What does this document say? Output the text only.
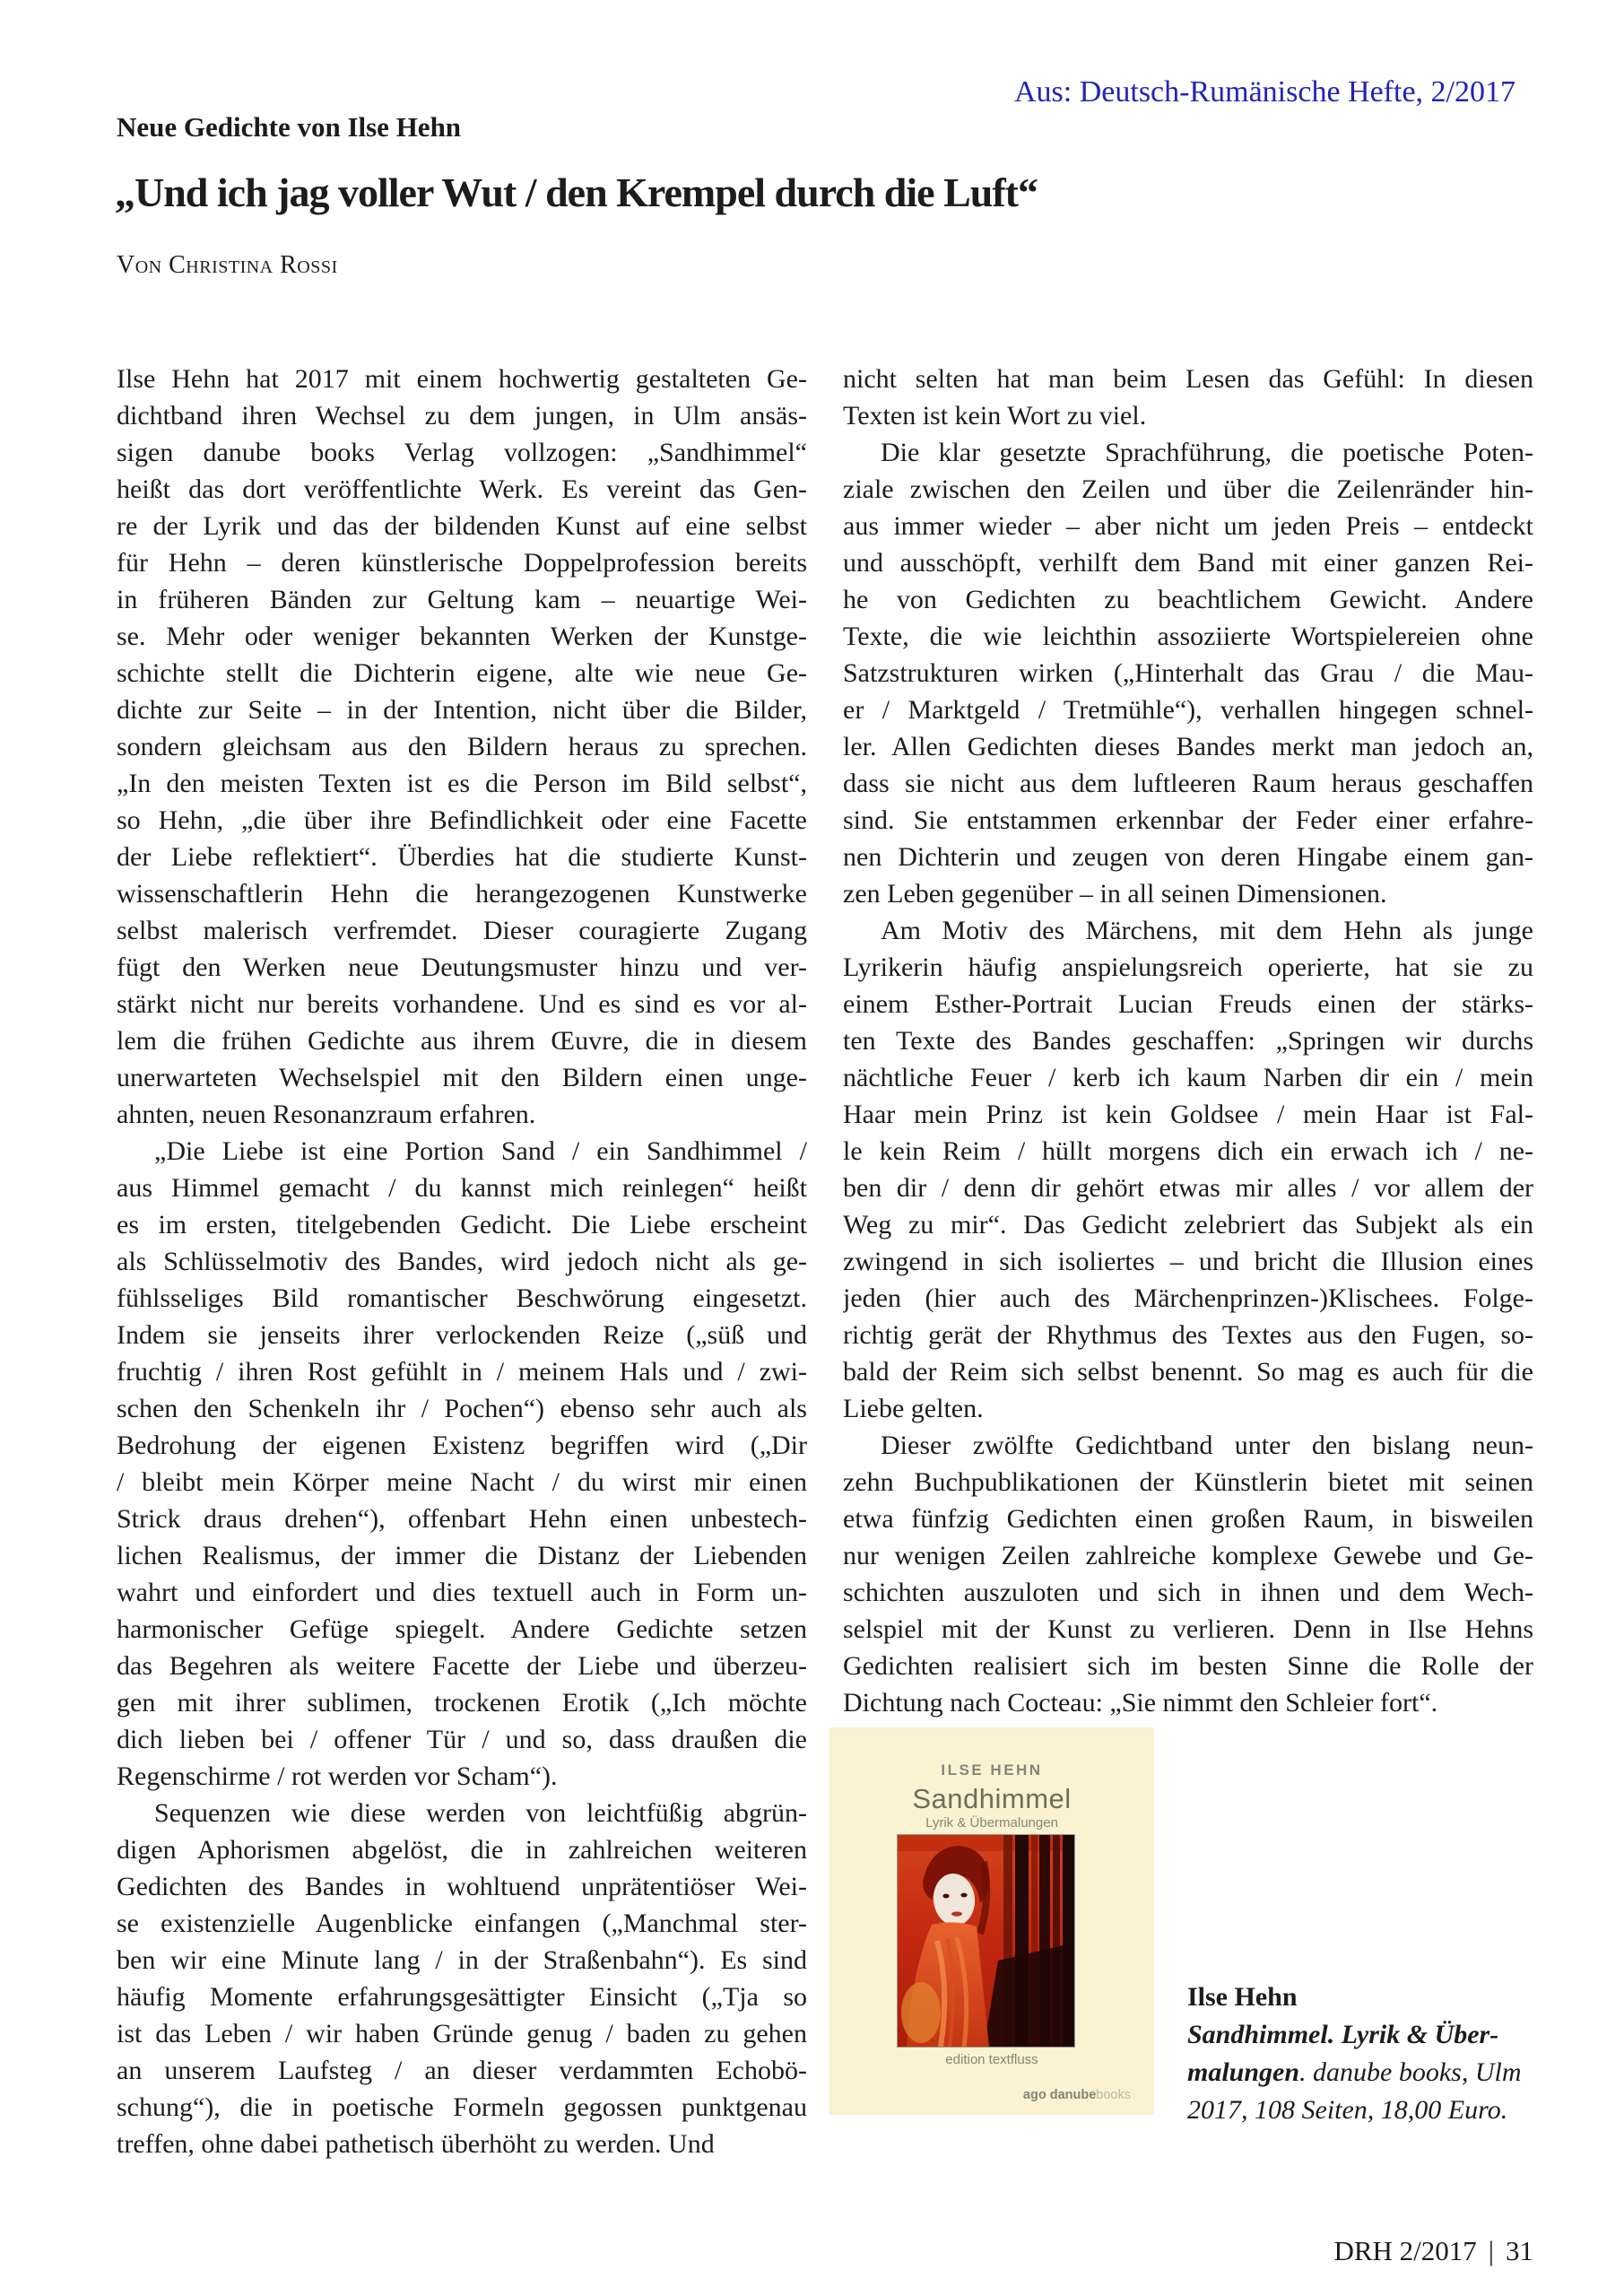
Aus: Deutsch-Rumänische Hefte, 2/2017
Neue Gedichte von Ilse Hehn
„Und ich jag voller Wut / den Krempel durch die Luft“
Von Christina Rossi
Ilse Hehn hat 2017 mit einem hochwertig gestalteten Ge-
dichtband ihren Wechsel zu dem jungen, in Ulm ansäs-
sigen danube books Verlag vollzogen: „Sandhimmel“
heißt das dort veröffentlichte Werk. Es vereint das Gen-
re der Lyrik und das der bildenden Kunst auf eine selbst
für Hehn – deren künstlerische Doppelprofession bereits
in früheren Bänden zur Geltung kam – neuartige Wei-
se. Mehr oder weniger bekannten Werken der Kunstge-
schichte stellt die Dichterin eigene, alte wie neue Ge-
dichte zur Seite – in der Intention, nicht über die Bilder,
sondern gleichsam aus den Bildern heraus zu sprechen.
„In den meisten Texten ist es die Person im Bild selbst“,
so Hehn, „die über ihre Befindlichkeit oder eine Facette
der Liebe reflektiert“. Überdies hat die studierte Kunst-
wissenschaftlerin Hehn die herangezogenen Kunstwerke
selbst malerisch verfremdet. Dieser couragierte Zugang
fügt den Werken neue Deutungsmuster hinzu und ver-
stärkt nicht nur bereits vorhandene. Und es sind es vor al-
lem die frühen Gedichte aus ihrem Œuvre, die in diesem
unerwarteten Wechselspiel mit den Bildern einen unge-
ahnten, neuen Resonanzraum erfahren.
„Die Liebe ist eine Portion Sand / ein Sandhimmel /
aus Himmel gemacht / du kannst mich reinlegen“ heißt
es im ersten, titelgebenden Gedicht. Die Liebe erscheint
als Schlüsselmotiv des Bandes, wird jedoch nicht als ge-
fühlsseliges Bild romantischer Beschwörung eingesetzt.
Indem sie jenseits ihrer verlockenden Reize („süß und
fruchtig / ihren Rost gefühlt in / meinem Hals und / zwi-
schen den Schenkeln ihr / Pochen“) ebenso sehr auch als
Bedrohung der eigenen Existenz begriffen wird („Dir
/ bleibt mein Körper meine Nacht / du wirst mir einen
Strick draus drehen“), offenbart Hehn einen unbestech-
lichen Realismus, der immer die Distanz der Liebenden
wahrt und einfordert und dies textuell auch in Form un-
harmonischer Gefüge spiegelt. Andere Gedichte setzen
das Begehren als weitere Facette der Liebe und überzeu-
gen mit ihrer sublimen, trockenen Erotik („Ich möchte
dich lieben bei / offener Tür / und so, dass draußen die
Regenschirme / rot werden vor Scham“).
Sequenzen wie diese werden von leichtfüßig abgrün-
digen Aphorismen abgelöst, die in zahlreichen weiteren
Gedichten des Bandes in wohltuend unprätentiöser Wei-
se existenzielle Augenblicke einfangen („Manchmal ster-
ben wir eine Minute lang / in der Straßenbahn“). Es sind
häufig Momente erfahrungsgesättigter Einsicht („Tja so
ist das Leben / wir haben Gründe genug / baden zu gehen
an unserem Laufsteg / an dieser verdammten Echobö-
schung“), die in poetische Formeln gegossen punktgenau
treffen, ohne dabei pathetisch überhöht zu werden. Und
nicht selten hat man beim Lesen das Gefühl: In diesen
Texten ist kein Wort zu viel.
Die klar gesetzte Sprachführung, die poetische Poten-
ziale zwischen den Zeilen und über die Zeilenränder hin-
aus immer wieder – aber nicht um jeden Preis – entdeckt
und ausschöpft, verhilft dem Band mit einer ganzen Rei-
he von Gedichten zu beachtlichem Gewicht. Andere
Texte, die wie leichthin assoziierte Wortspielereien ohne
Satzstrukturen wirken („Hinterhalt das Grau / die Mau-
er / Marktgeld / Tretmühle“), verhallen hingegen schnel-
ler. Allen Gedichten dieses Bandes merkt man jedoch an,
dass sie nicht aus dem luftleeren Raum heraus geschaffen
sind. Sie entstammen erkennbar der Feder einer erfahre-
nen Dichterin und zeugen von deren Hingabe einem gan-
zen Leben gegenüber – in all seinen Dimensionen.
Am Motiv des Märchens, mit dem Hehn als junge
Lyrikerin häufig anspielungsreich operierte, hat sie zu
einem Esther-Portrait Lucian Freuds einen der stärks-
ten Texte des Bandes geschaffen: „Springen wir durchs
nächtliche Feuer / kerb ich kaum Narben dir ein / mein
Haar mein Prinz ist kein Goldsee / mein Haar ist Fal-
le kein Reim / hüllt morgens dich ein erwach ich / ne-
ben dir / denn dir gehört etwas mir alles / vor allem der
Weg zu mir“. Das Gedicht zelebriert das Subjekt als ein
zwingend in sich isoliertes – und bricht die Illusion eines
jeden (hier auch des Märchenprinzen-)Klischees. Folge-
richtig gerät der Rhythmus des Textes aus den Fugen, so-
bald der Reim sich selbst benennt. So mag es auch für die
Liebe gelten.
Dieser zwölfte Gedichtband unter den bislang neun-
zehn Buchpublikationen der Künstlerin bietet mit seinen
etwa fünfzig Gedichten einen großen Raum, in bisweilen
nur wenigen Zeilen zahlreiche komplexe Gewebe und Ge-
schichten auszuloten und sich in ihnen und dem Wech-
selspiel mit der Kunst zu verlieren. Denn in Ilse Hehns
Gedichten realisiert sich im besten Sinne die Rolle der
Dichtung nach Cocteau: „Sie nimmt den Schleier fort“.
ILSE HEHN
Sandhimmel
Lyrik & Übermalungen
edition textfluss
ago danubebooks
Ilse Hehn
Sandhimmel. Lyrik & Über-
malungen. danube books, Ulm
2017, 108 Seiten, 18,00 Euro.
DRH 2/2017 | 31
